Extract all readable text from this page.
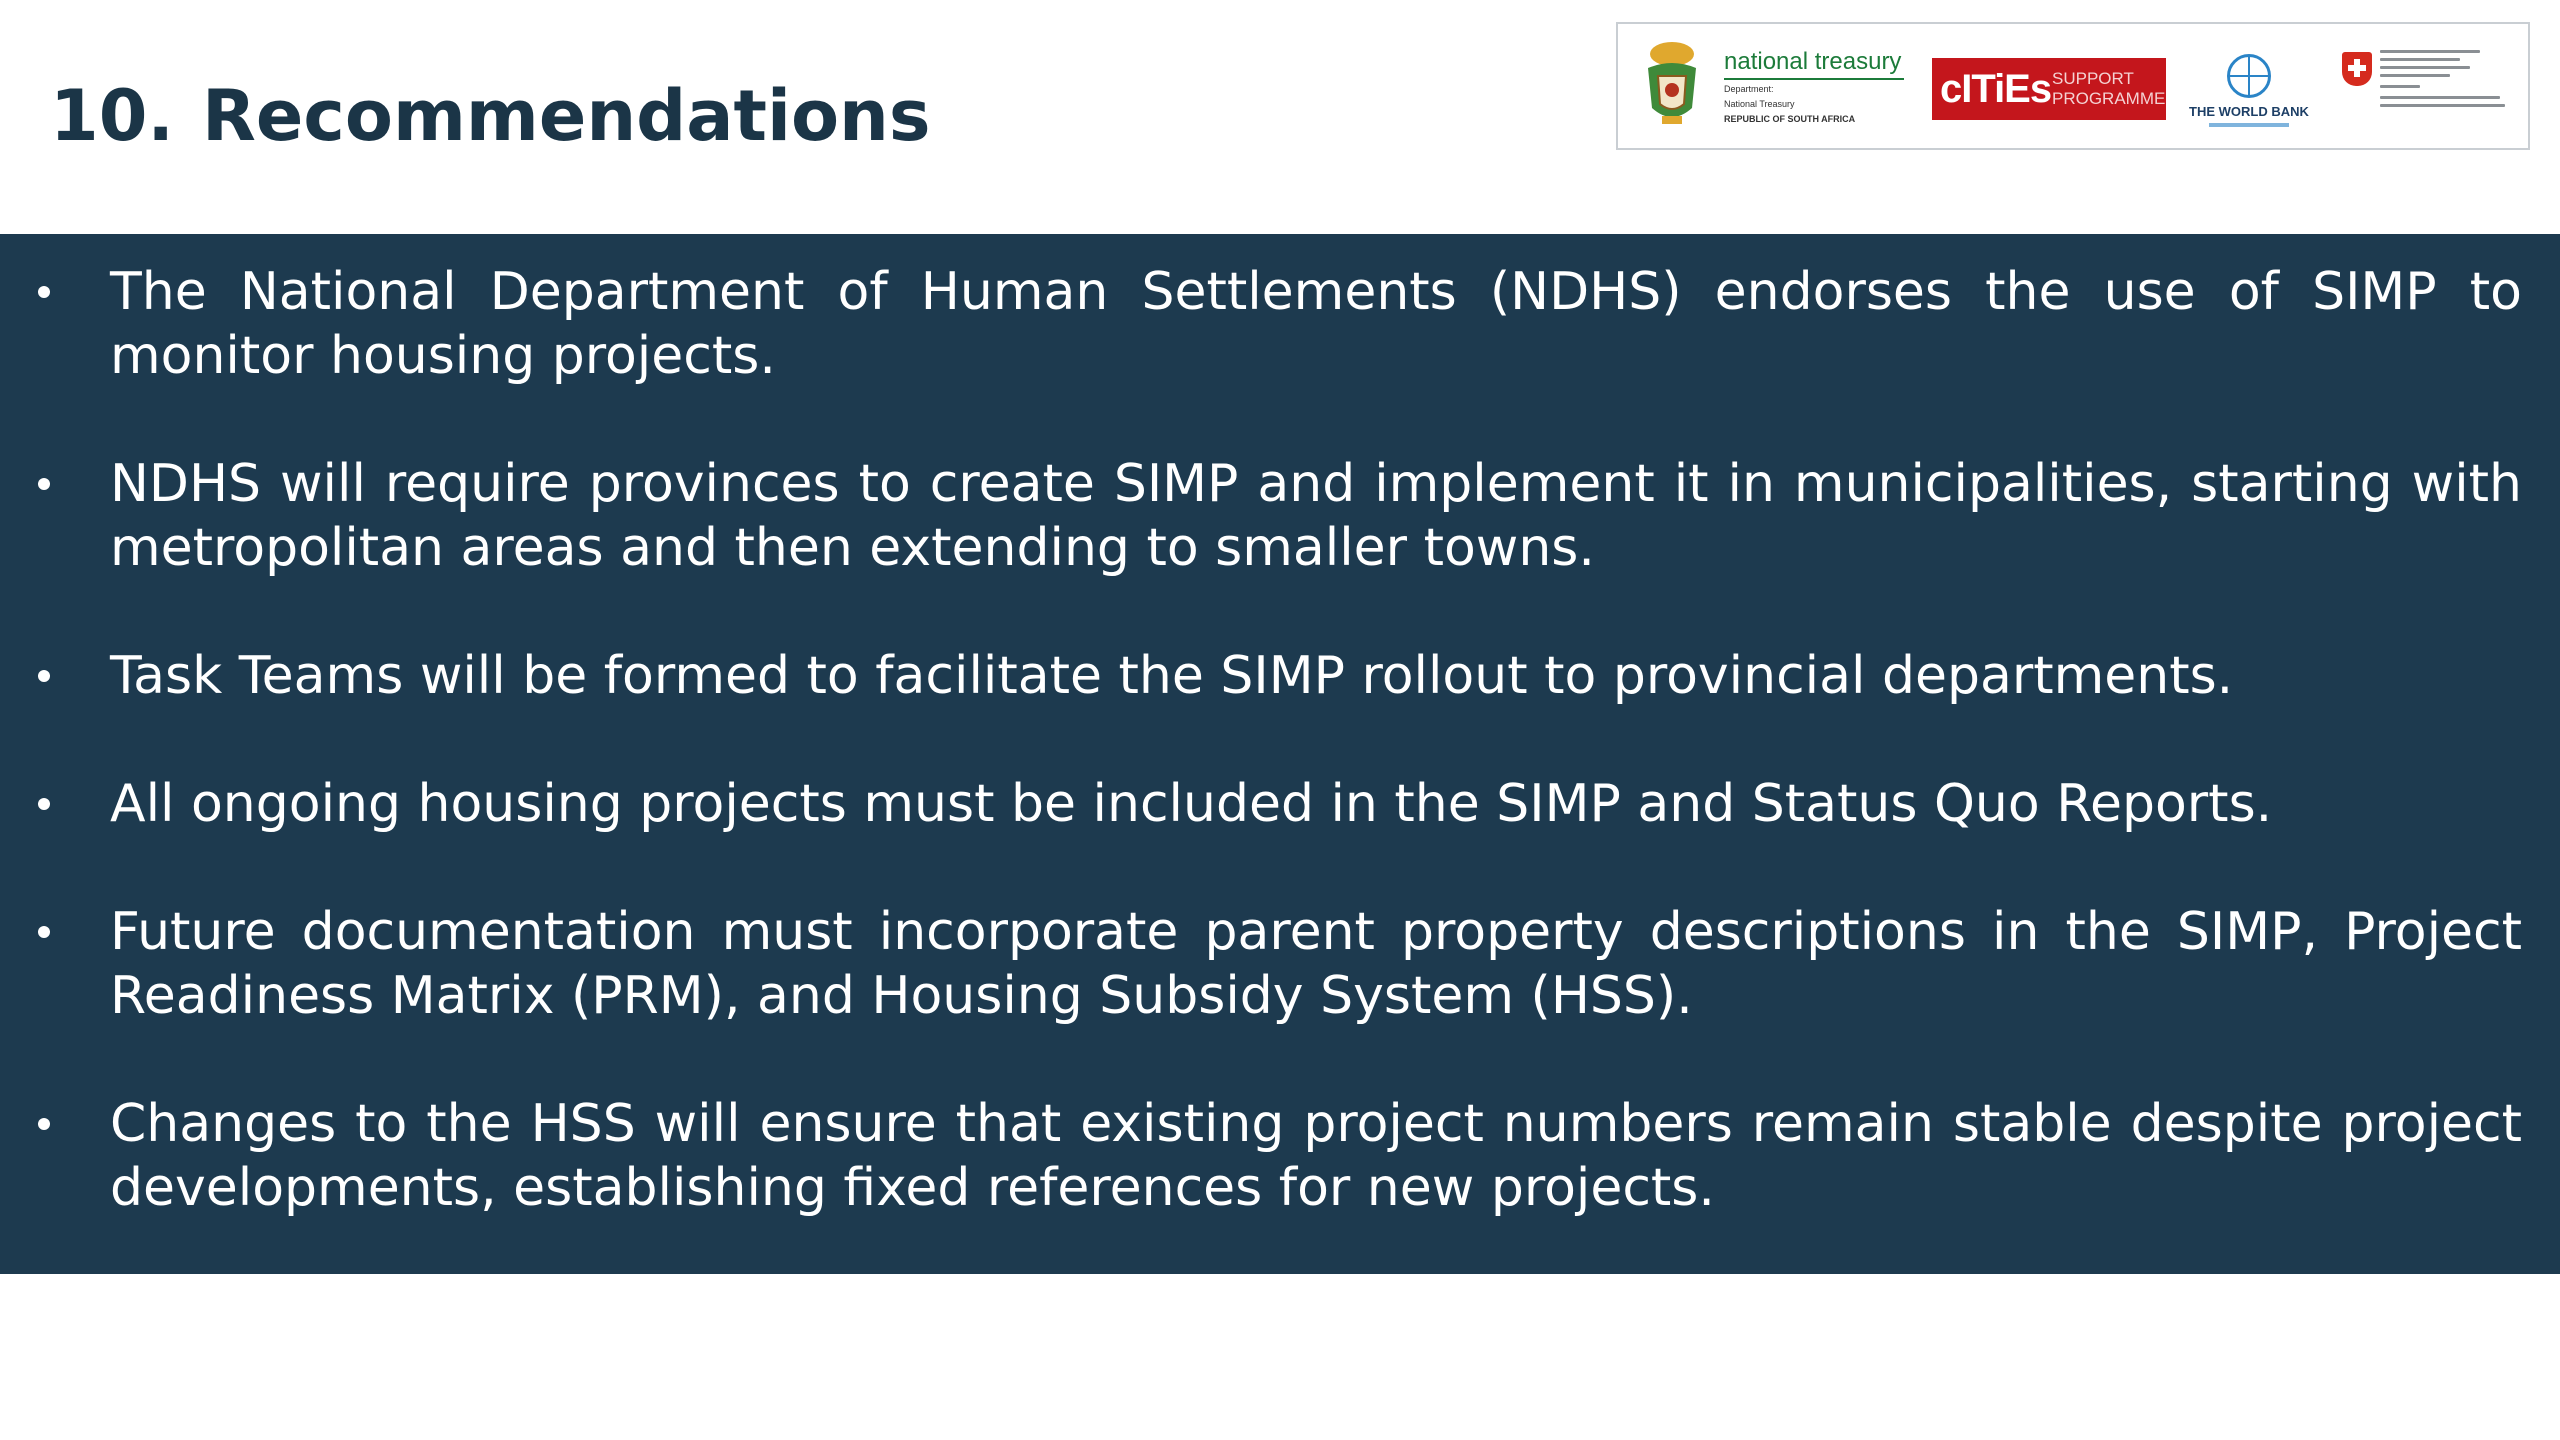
10. Recommendations
national treasury
Department:
National Treasury
REPUBLIC OF SOUTH AFRICA
cITiEs SUPPORT
PROGRAMME
THE WORLD BANK
The National Department of Human Settlements (NDHS) endorses the use of SIMP to monitor housing projects.
NDHS will require provinces to create SIMP and implement it in municipalities, starting with metropolitan areas and then extending to smaller towns.
Task Teams will be formed to facilitate the SIMP rollout to provincial departments.
All ongoing housing projects must be included in the SIMP and Status Quo Reports.
Future documentation must incorporate parent property descriptions in the SIMP, Project Readiness Matrix (PRM), and Housing Subsidy System (HSS).
Changes to the HSS will ensure that existing project numbers remain stable despite project developments, establishing fixed references for new projects.
